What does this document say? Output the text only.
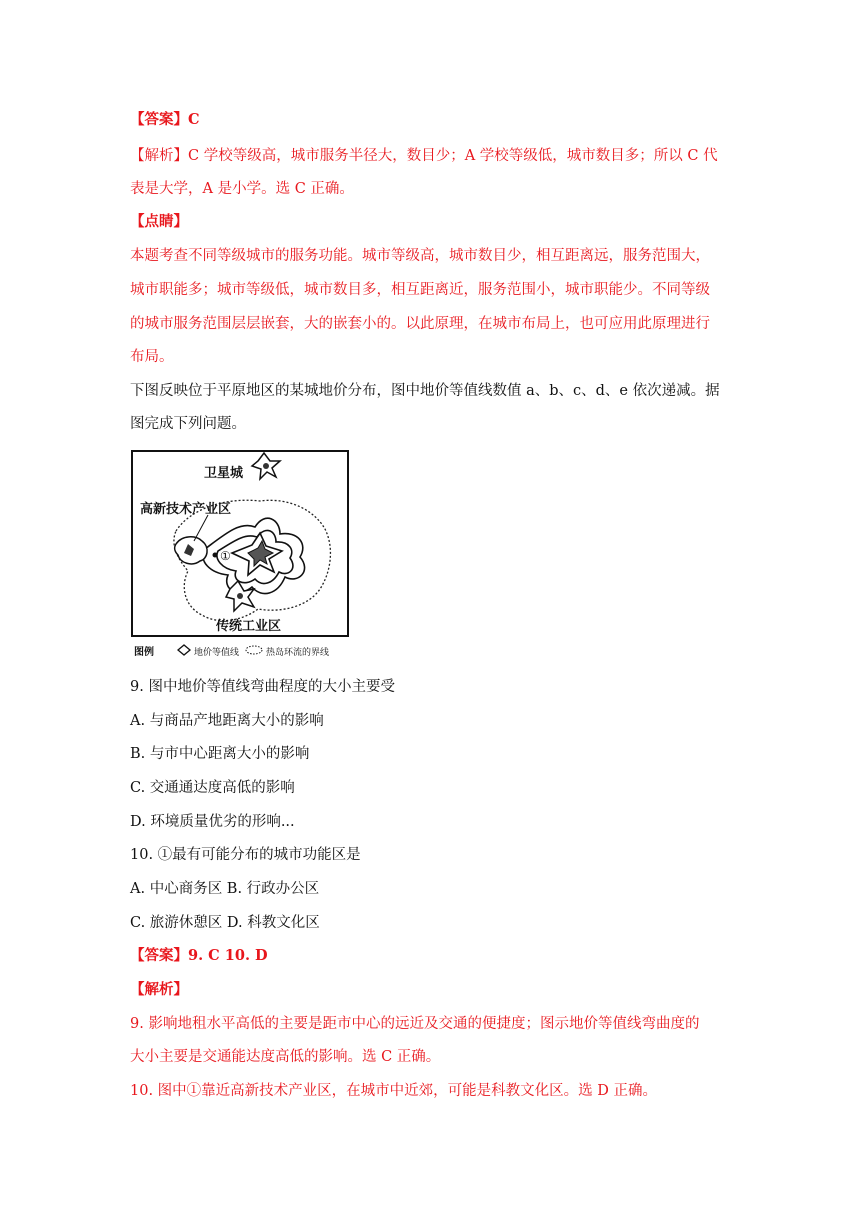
【答案】C
【解析】C 学校等级高，城市服务半径大，数目少；A 学校等级低，城市数目多；所以 C 代
表是大学，A 是小学。选 C 正确。
【点睛】
本题考查不同等级城市的服务功能。城市等级高，城市数目少，相互距离远，服务范围大，
城市职能多；城市等级低，城市数目多，相互距离近，服务范围小，城市职能少。不同等级
的城市服务范围层层嵌套，大的嵌套小的。以此原理，在城市布局上，也可应用此原理进行
布局。
下图反映位于平原地区的某城地价分布，图中地价等值线数值 a、b、c、d、e 依次递减。据
图完成下列问题。
卫星城
高新技术产业区
①
传统工业区
图例	地价等值线	热岛环流的界线
9. 图中地价等值线弯曲程度的大小主要受
A. 与商品产地距离大小的影响
B. 与市中心距离大小的影响
C. 交通通达度高低的影响
D. 环境质量优劣的形响...
10. ①最有可能分布的城市功能区是
A. 中心商务区 B. 行政办公区
C. 旅游休憩区 D. 科教文化区
【答案】9. C 10. D
【解析】
9. 影响地租水平高低的主要是距市中心的远近及交通的便捷度；图示地价等值线弯曲度的
大小主要是交通能达度高低的影响。选 C 正确。
10. 图中①靠近高新技术产业区，在城市中近郊，可能是科教文化区。选 D 正确。
